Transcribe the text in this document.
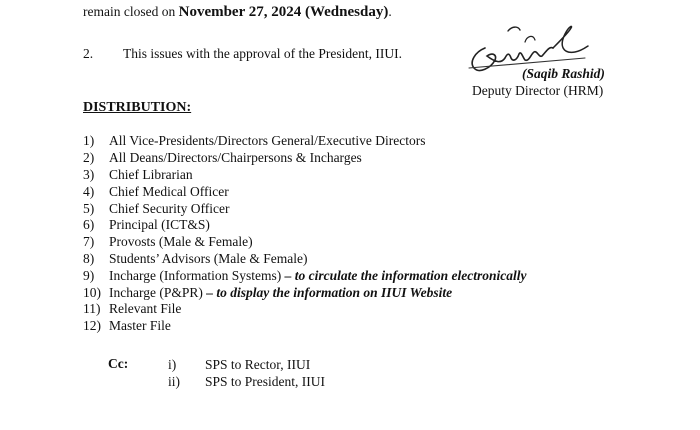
remain closed on November 27, 2024 (Wednesday).
2. This issues with the approval of the President, IIUI.
(Saqib Rashid)
Deputy Director (HRM)
DISTRIBUTION:
1)	All Vice-Presidents/Directors General/Executive Directors
2)	All Deans/Directors/Chairpersons & Incharges
3)	Chief Librarian
4)	Chief Medical Officer
5)	Chief Security Officer
6)	Principal (ICT&S)
7)	Provosts (Male & Female)
8)	Students’ Advisors (Male & Female)
9)	Incharge (Information Systems) – to circulate the information electronically
10) Incharge (P&PR) – to display the information on IIUI Website
11) Relevant File
12) Master File
Cc:	i)	SPS to Rector, IIUI
ii)	SPS to President, IIUI
